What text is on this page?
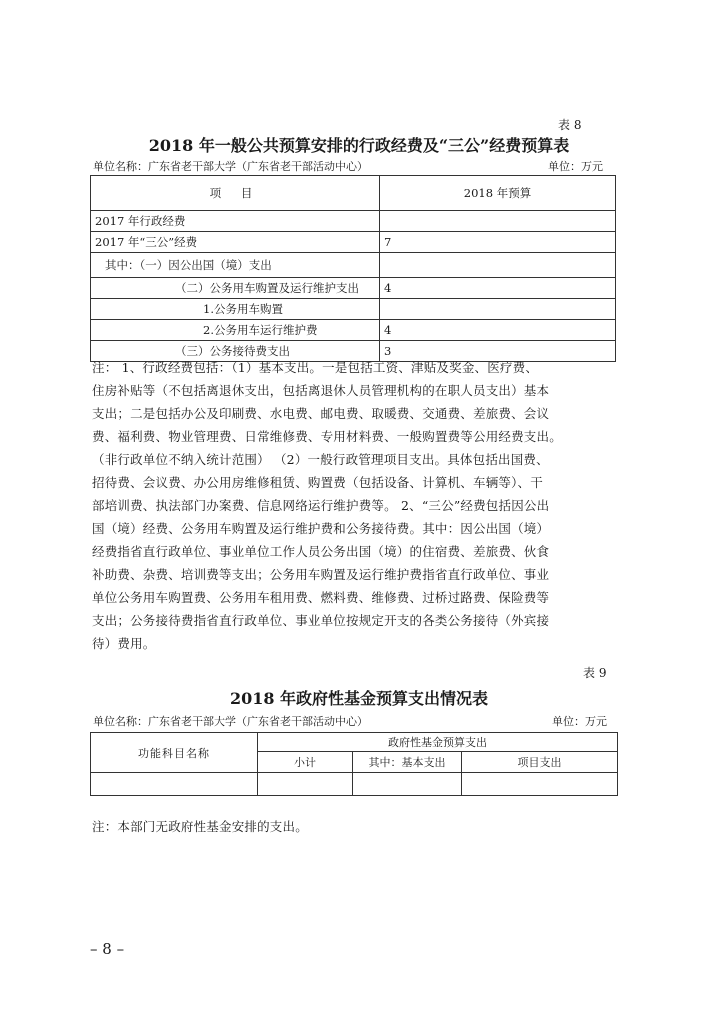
表 8
2018 年一般公共预算安排的行政经费及“三公”经费预算表
单位名称：广东省老干部大学（广东省老干部活动中心）	单位：万元
项 目	2018 年预算
2017 年行政经费	
2017 年“三公”经费	7
其中：（一）因公出国（境）支出	
（二）公务用车购置及运行维护支出	4
1.公务用车购置	
2.公务用车运行维护费	4
（三）公务接待费支出	3
注： 1、行政经费包括：（1）基本支出。一是包括工资、津贴及奖金、医疗费、
住房补贴等（不包括离退休支出，包括离退休人员管理机构的在职人员支出）基本
支出；二是包括办公及印刷费、水电费、邮电费、取暖费、交通费、差旅费、会议
费、福利费、物业管理费、日常维修费、专用材料费、一般购置费等公用经费支出。
（非行政单位不纳入统计范围） （2）一般行政管理项目支出。具体包括出国费、
招待费、会议费、办公用房维修租赁、购置费（包括设备、计算机、车辆等）、干
部培训费、执法部门办案费、信息网络运行维护费等。 2、“三公”经费包括因公出
国（境）经费、公务用车购置及运行维护费和公务接待费。其中：因公出国（境）
经费指省直行政单位、事业单位工作人员公务出国（境）的住宿费、差旅费、伙食
补助费、杂费、培训费等支出；公务用车购置及运行维护费指省直行政单位、事业
单位公务用车购置费、公务用车租用费、燃料费、维修费、过桥过路费、保险费等
支出；公务接待费指省直行政单位、事业单位按规定开支的各类公务接待（外宾接
待）费用。
表 9
2018 年政府性基金预算支出情况表
单位名称：广东省老干部大学（广东省老干部活动中心）	单位：万元
功能科目名称	政府性基金预算支出		
	小计	其中：基本支出	项目支出

注：本部门无政府性基金安排的支出。
– 8 –
